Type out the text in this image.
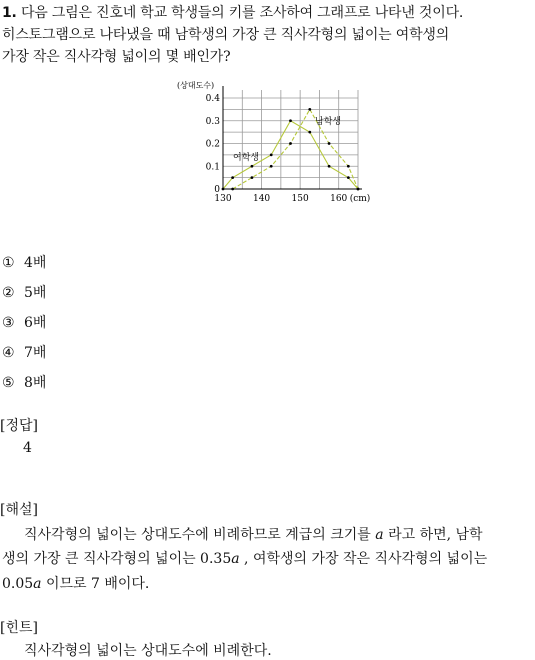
1. 다음 그림은 진호네 학교 학생들의 키를 조사하여 그래프로 나타낸 것이다.
히스토그램으로 나타냈을 때 남학생의 가장 큰 직사각형의 넓이는 여학생의
가장 작은 직사각형 넓이의 몇 배인가?
0
0.1
0.2
0.3
0.4
130 140 150 160 (cm)
(상대도수)
여학생
남학생
① 4배
② 5배
③ 6배
④ 7배
⑤ 8배
[정답]
4
[해설]
직사각형의 넓이는 상대도수에 비례하므로 계급의 크기를 a 라고 하면, 남학
생의 가장 큰 직사각형의 넓이는 0.35a , 여학생의 가장 작은 직사각형의 넓이는
0.05a 이므로 7 배이다.
[힌트]
직사각형의 넓이는 상대도수에 비례한다.
